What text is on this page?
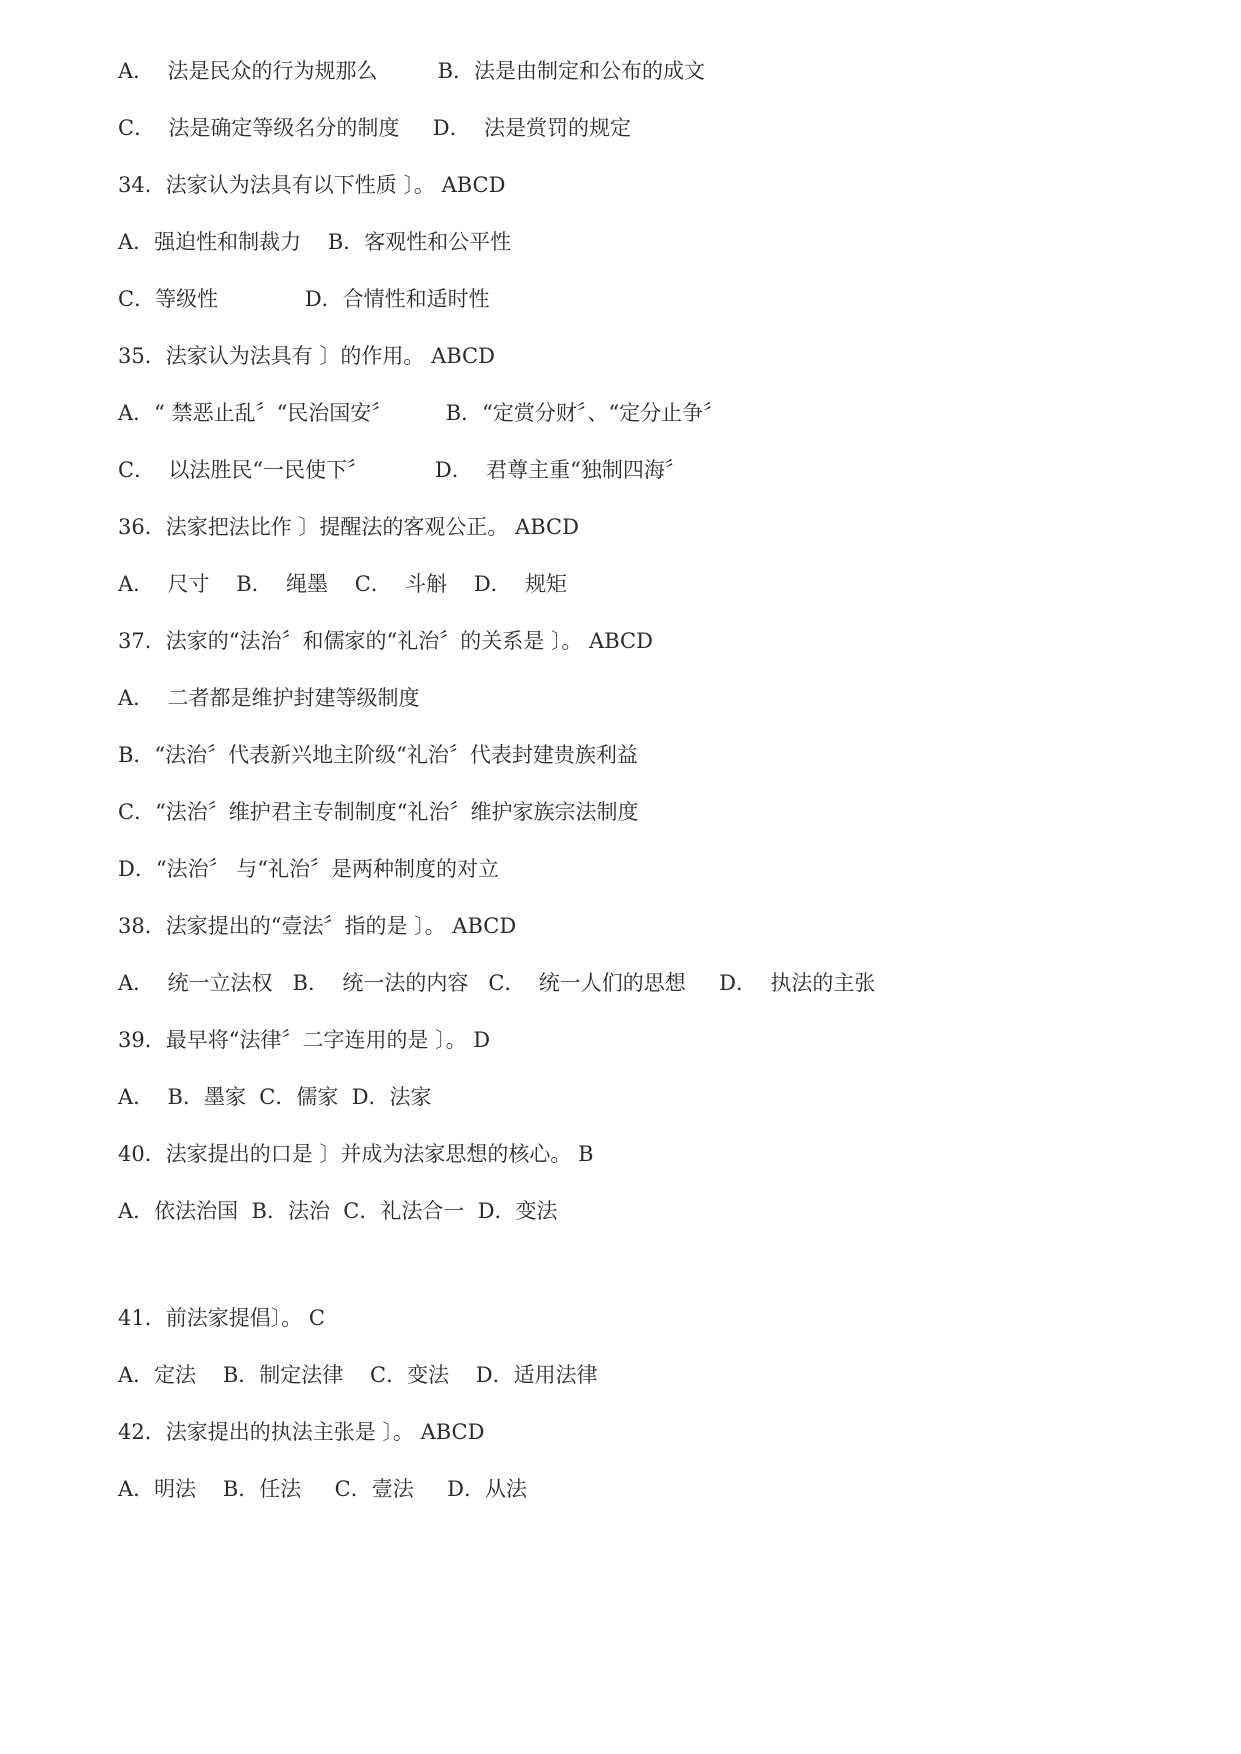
A．  法是民众的行为规那么         B．法是由制定和公布的成文
C．  法是确定等级名分的制度     D．  法是赏罚的规定
34．法家认为法具有以下性质 〕。 ABCD
A．强迫性和制裁力    B．客观性和公平性
C．等级性             D．合情性和适时性
35．法家认为法具有 〕的作用。 ABCD
A．“ 禁恶止乱〞“民治国安〞        B．“定赏分财〞、“定分止争〞
C．  以法胜民“一民使下〞          D．  君尊主重“独制四海〞
36．法家把法比作 〕提醒法的客观公正。 ABCD
A．  尺寸    B．  绳墨    C．  斗斛    D．  规矩
37．法家的“法治〞和儒家的“礼治〞的关系是 〕。 ABCD
A．  二者都是维护封建等级制度
B．“法治〞代表新兴地主阶级“礼治〞代表封建贵族利益
C．“法治〞维护君主专制制度“礼治〞维护家族宗法制度
D．“法治〞 与“礼治〞是两种制度的对立
38．法家提出的“壹法〞指的是 〕。 ABCD
A．  统一立法权   B．  统一法的内容   C．  统一人们的思想     D．  执法的主张
39．最早将“法律〞二字连用的是 〕。 D
A．  B．墨家  C．儒家  D．法家
40．法家提出的口是 〕并成为法家思想的核心。 B
A．依法治国  B．法治  C．礼法合一  D．变法
41．前法家提倡〕。 C
A．定法    B．制定法律    C．变法    D．适用法律
42．法家提出的执法主张是 〕。 ABCD
A．明法    B．任法     C．壹法     D．从法
